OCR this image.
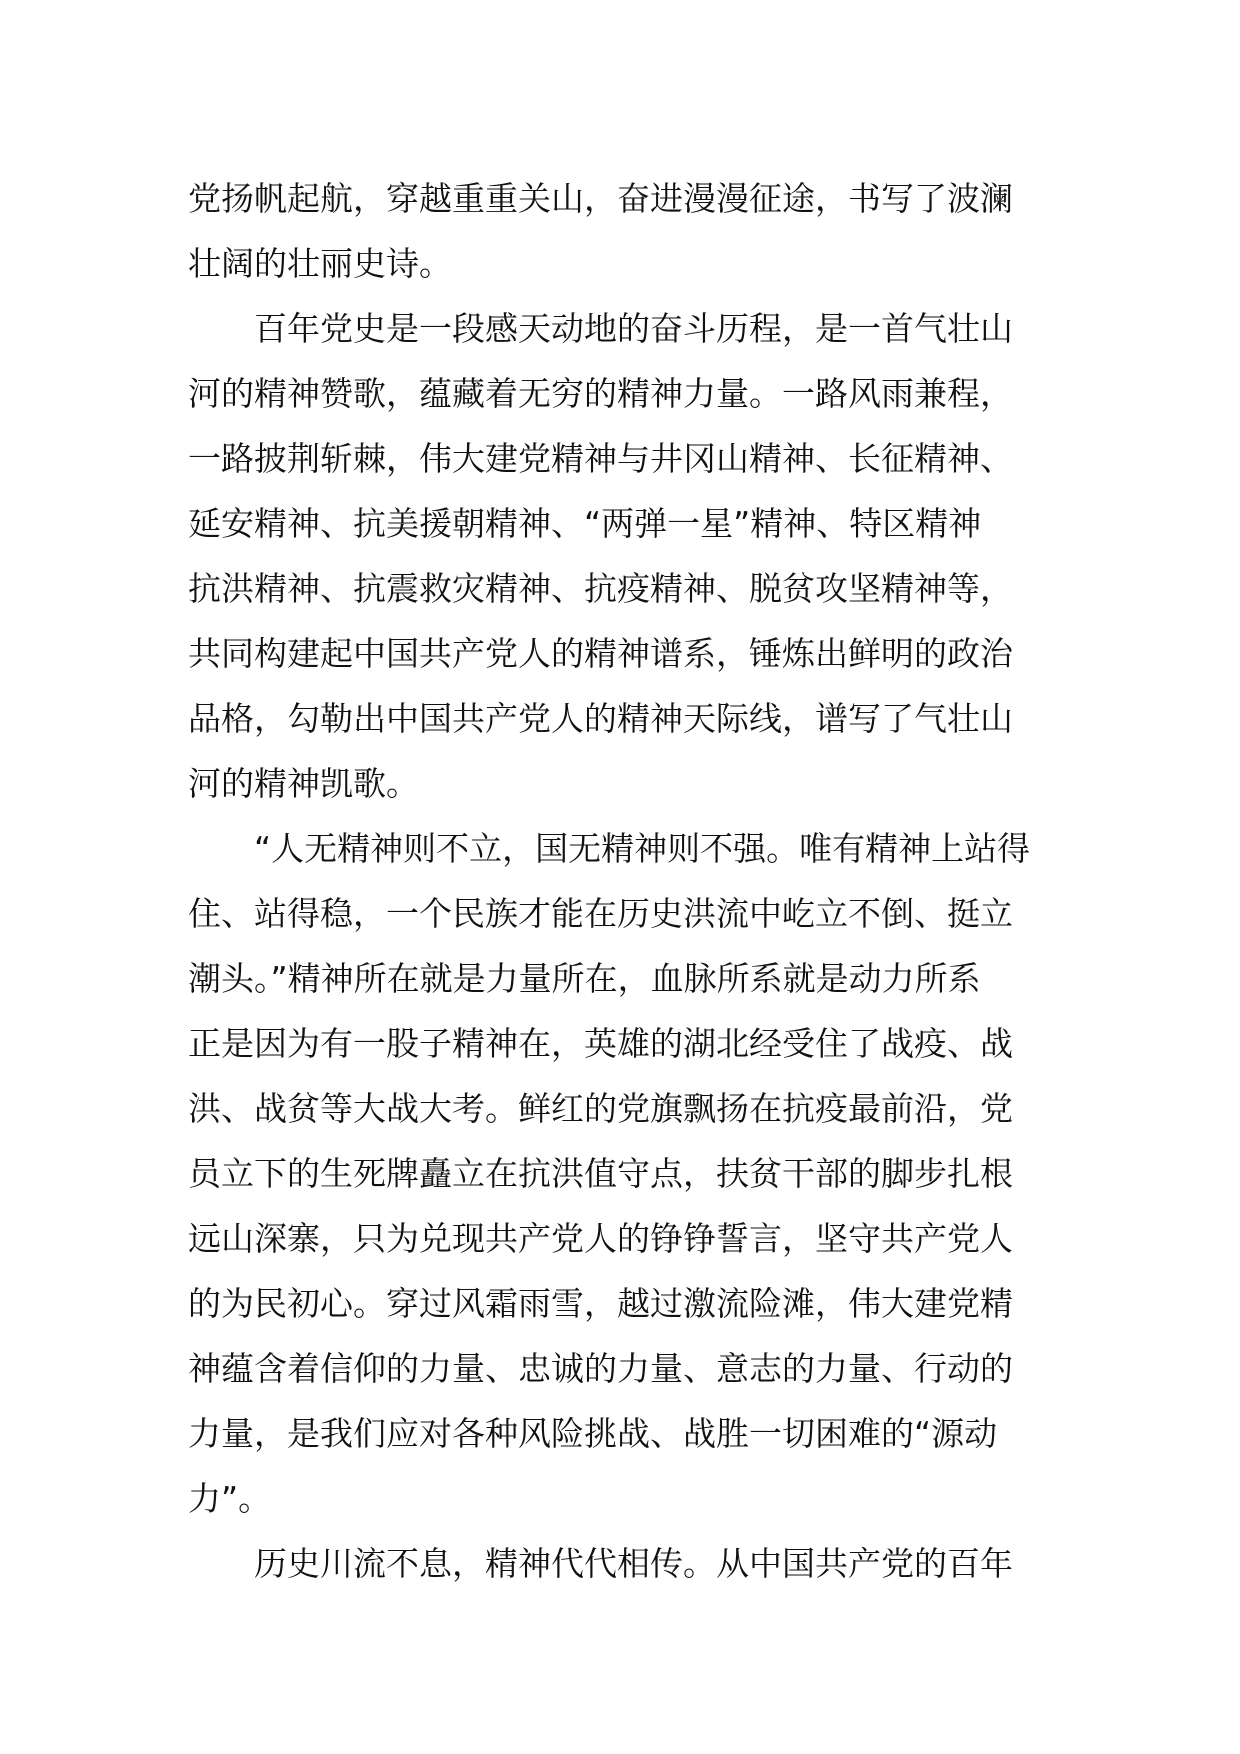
党扬帆起航，穿越重重关山，奋进漫漫征途，书写了波澜
壮阔的壮丽史诗。
百年党史是一段感天动地的奋斗历程，是一首气壮山
河的精神赞歌，蕴藏着无穷的精神力量。一路风雨兼程，
一路披荆斩棘，伟大建党精神与井冈山精神、长征精神、
延安精神、抗美援朝精神、“两弹一星”精神、特区精神
抗洪精神、抗震救灾精神、抗疫精神、脱贫攻坚精神等，
共同构建起中国共产党人的精神谱系，锤炼出鲜明的政治
品格，勾勒出中国共产党人的精神天际线，谱写了气壮山
河的精神凯歌。
“人无精神则不立，国无精神则不强。唯有精神上站得
住、站得稳，一个民族才能在历史洪流中屹立不倒、挺立
潮头。”精神所在就是力量所在，血脉所系就是动力所系
正是因为有一股子精神在，英雄的湖北经受住了战疫、战
洪、战贫等大战大考。鲜红的党旗飘扬在抗疫最前沿，党
员立下的生死牌矗立在抗洪值守点，扶贫干部的脚步扎根
远山深寨，只为兑现共产党人的铮铮誓言，坚守共产党人
的为民初心。穿过风霜雨雪，越过激流险滩，伟大建党精
神蕴含着信仰的力量、忠诚的力量、意志的力量、行动的
力量，是我们应对各种风险挑战、战胜一切困难的“源动
力”。
历史川流不息，精神代代相传。从中国共产党的百年
